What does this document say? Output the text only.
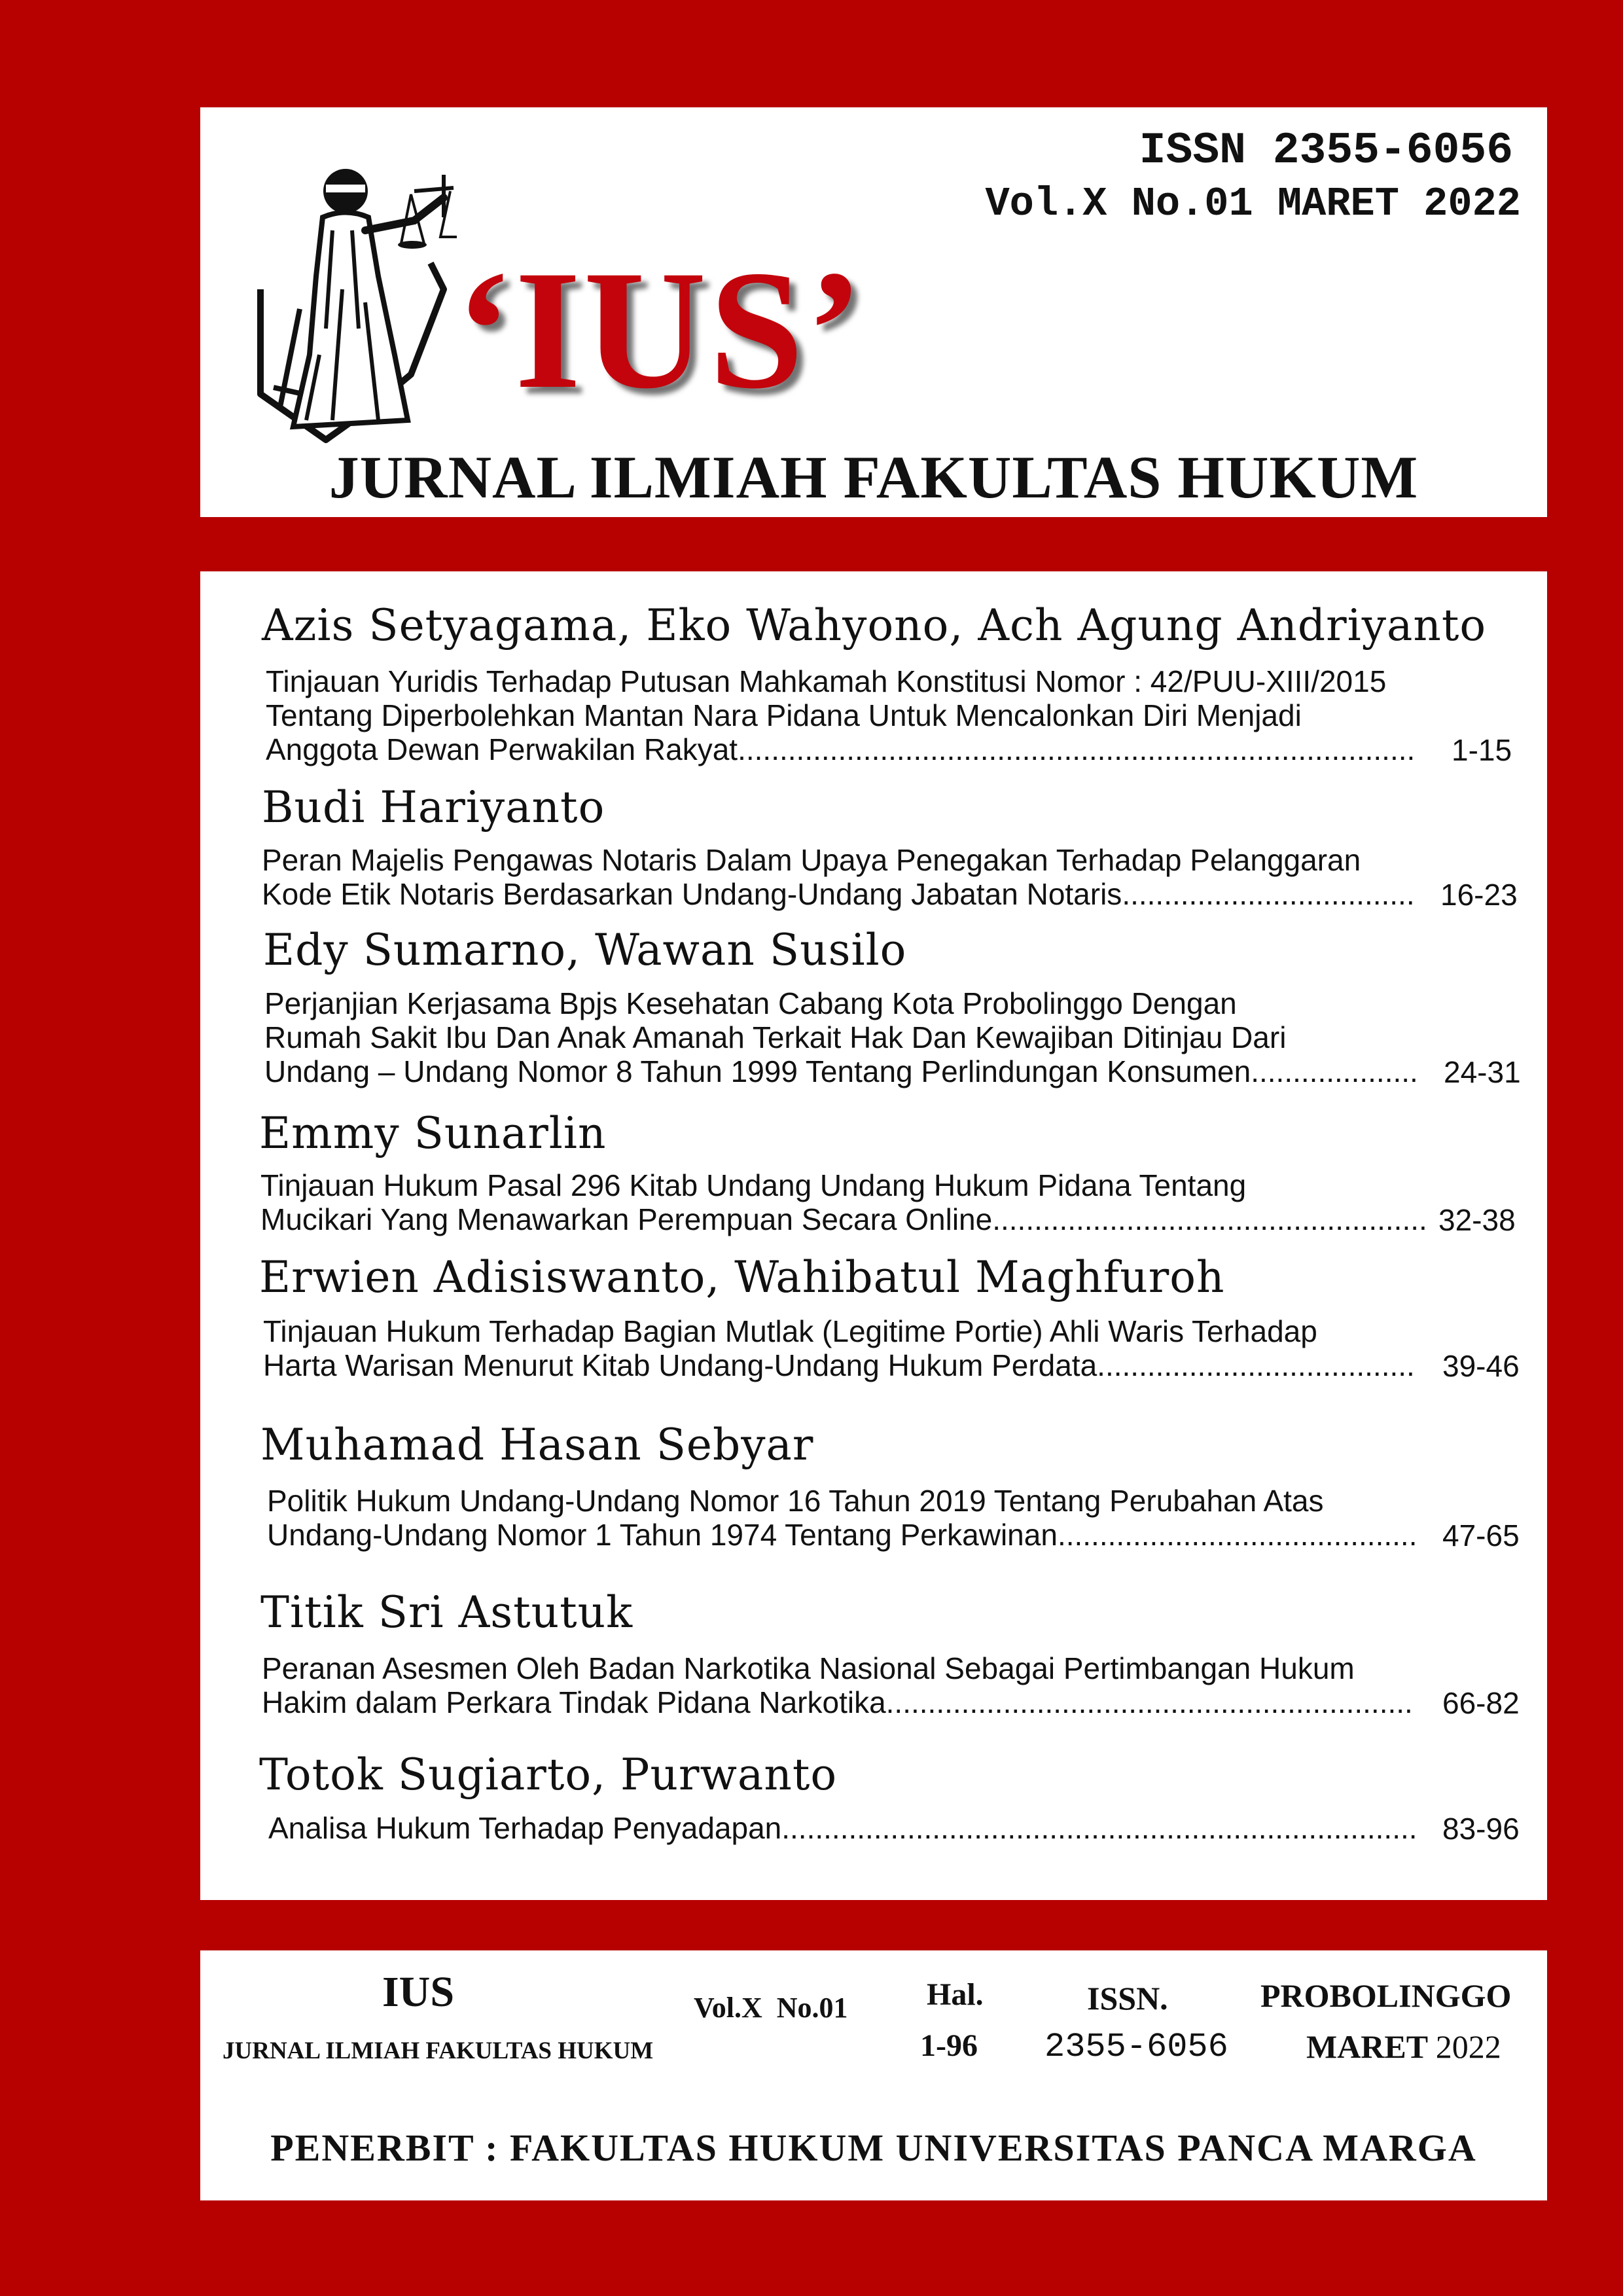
ISSN 2355-6056
Vol.X No.01 MARET 2022
‘IUS’
JURNAL ILMIAH FAKULTAS HUKUM
Azis Setyagama, Eko Wahyono, Ach Agung Andriyanto
Tinjauan Yuridis Terhadap Putusan Mahkamah Konstitusi Nomor : 42/PUU-XIII/2015
Tentang Diperbolehkan Mantan Nara Pidana Untuk Mencalonkan Diri Menjadi
Anggota Dewan Perwakilan Rakyat .....	1-15
Budi Hariyanto
Peran Majelis Pengawas Notaris Dalam Upaya Penegakan Terhadap Pelanggaran
Kode Etik Notaris Berdasarkan Undang-Undang Jabatan Notaris .....	16-23
Edy Sumarno, Wawan Susilo
Perjanjian Kerjasama Bpjs Kesehatan Cabang Kota Probolinggo Dengan
Rumah Sakit Ibu Dan Anak Amanah Terkait Hak Dan Kewajiban Ditinjau Dari
Undang – Undang Nomor 8 Tahun 1999 Tentang Perlindungan Konsumen .....	24-31
Emmy Sunarlin
Tinjauan Hukum Pasal 296 Kitab Undang Undang Hukum Pidana Tentang
Mucikari Yang Menawarkan Perempuan Secara Online .....	32-38
Erwien Adisiswanto, Wahibatul Maghfuroh
Tinjauan Hukum Terhadap Bagian Mutlak (Legitime Portie) Ahli Waris Terhadap
Harta Warisan Menurut Kitab Undang-Undang Hukum Perdata .....	39-46
Muhamad Hasan Sebyar
Politik Hukum Undang-Undang Nomor 16 Tahun 2019 Tentang Perubahan Atas
Undang-Undang Nomor 1 Tahun 1974 Tentang Perkawinan .....	47-65
Titik Sri Astutuk
Peranan Asesmen Oleh Badan Narkotika Nasional Sebagai Pertimbangan Hukum
Hakim dalam Perkara Tindak Pidana Narkotika .....	66-82
Totok Sugiarto, Purwanto
Analisa Hukum Terhadap Penyadapan .....	83-96
IUS
JURNAL ILMIAH FAKULTAS HUKUM
Vol.X No.01	Hal.
1-96
ISSN.
2355-6056
PROBOLINGGO
MARET 2022
PENERBIT : FAKULTAS HUKUM UNIVERSITAS PANCA MARGA
